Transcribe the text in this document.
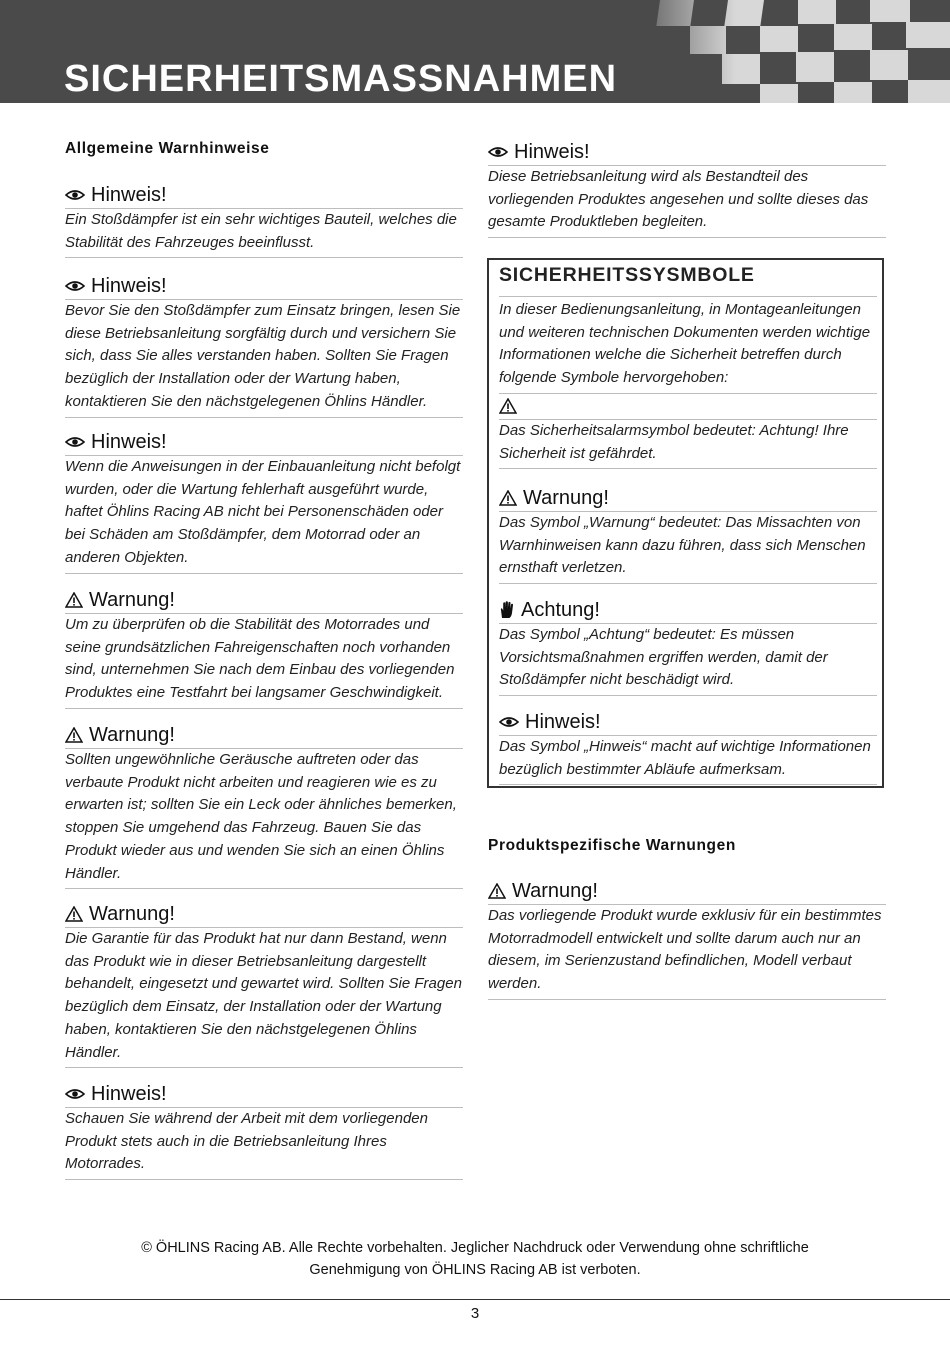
SICHERHEITSMASSNAHMEN
Allgemeine Warnhinweise
Hinweis!
Ein Stoßdämpfer ist ein sehr wichtiges Bauteil, welches die Stabilität des Fahrzeuges beeinflusst.
Hinweis!
Bevor Sie den Stoßdämpfer zum Einsatz bringen, lesen Sie diese Betriebsanleitung sorgfältig durch und versichern Sie sich, dass Sie alles verstanden haben. Sollten Sie Fragen bezüglich der Installation oder der Wartung haben, kontaktieren Sie den nächstgelegenen Öhlins Händler.
Hinweis!
Wenn die Anweisungen in der Einbauanleitung nicht befolgt wurden, oder die Wartung fehlerhaft ausgeführt wurde, haftet Öhlins Racing AB nicht bei Personenschäden oder bei Schäden am Stoßdämpfer, dem Motorrad oder an anderen Objekten.
Warnung!
Um zu überprüfen ob die Stabilität des Motorrades und seine grundsätzlichen Fahreigenschaften noch vorhanden sind, unternehmen Sie nach dem Einbau des vorliegenden Produktes eine Testfahrt bei langsamer Geschwindigkeit.
Warnung!
Sollten ungewöhnliche Geräusche auftreten oder das verbaute Produkt nicht arbeiten und reagieren wie es zu erwarten ist; sollten Sie ein Leck oder ähnliches bemerken, stoppen Sie umgehend das Fahrzeug. Bauen Sie das Produkt wieder aus und wenden Sie sich an einen Öhlins Händler.
Warnung!
Die Garantie für das Produkt hat nur dann Bestand, wenn das Produkt wie in dieser Betriebsanleitung dargestellt behandelt, eingesetzt und gewartet wird. Sollten Sie Fragen bezüglich dem Einsatz, der Installation oder der Wartung haben, kontaktieren Sie den nächstgelegenen Öhlins Händler.
Hinweis!
Schauen Sie während der Arbeit mit dem vorliegenden Produkt stets auch in die Betriebsanleitung Ihres Motorrades.
Hinweis!
Diese Betriebsanleitung wird als Bestandteil des vorliegenden Produktes angesehen und sollte dieses das gesamte Produktleben begleiten.
SICHERHEITSSYSMBOLE
In dieser Bedienungsanleitung, in Montageanleitungen und weiteren technischen Dokumenten werden wichtige Informationen welche die Sicherheit betreffen durch folgende Symbole hervorgehoben:
Das Sicherheitsalarmsymbol bedeutet: Achtung! Ihre Sicherheit ist gefährdet.
Warnung!
Das Symbol „Warnung“ bedeutet: Das Missachten von Warnhinweisen kann dazu führen, dass sich Menschen ernsthaft verletzen.
Achtung!
Das Symbol „Achtung“ bedeutet: Es müssen Vorsichtsmaßnahmen ergriffen werden, damit der Stoßdämpfer nicht beschädigt wird.
Hinweis!
Das Symbol „Hinweis“ macht auf wichtige Informationen bezüglich bestimmter Abläufe aufmerksam.
Produktspezifische Warnungen
Warnung!
Das vorliegende Produkt wurde exklusiv für ein bestimmtes Motorradmodell entwickelt und sollte darum auch nur an diesem, im Serienzustand befindlichen, Modell verbaut werden.
© ÖHLINS Racing AB. Alle Rechte vorbehalten. Jeglicher Nachdruck oder Verwendung ohne schriftliche
Genehmigung von ÖHLINS Racing AB ist verboten.
3
